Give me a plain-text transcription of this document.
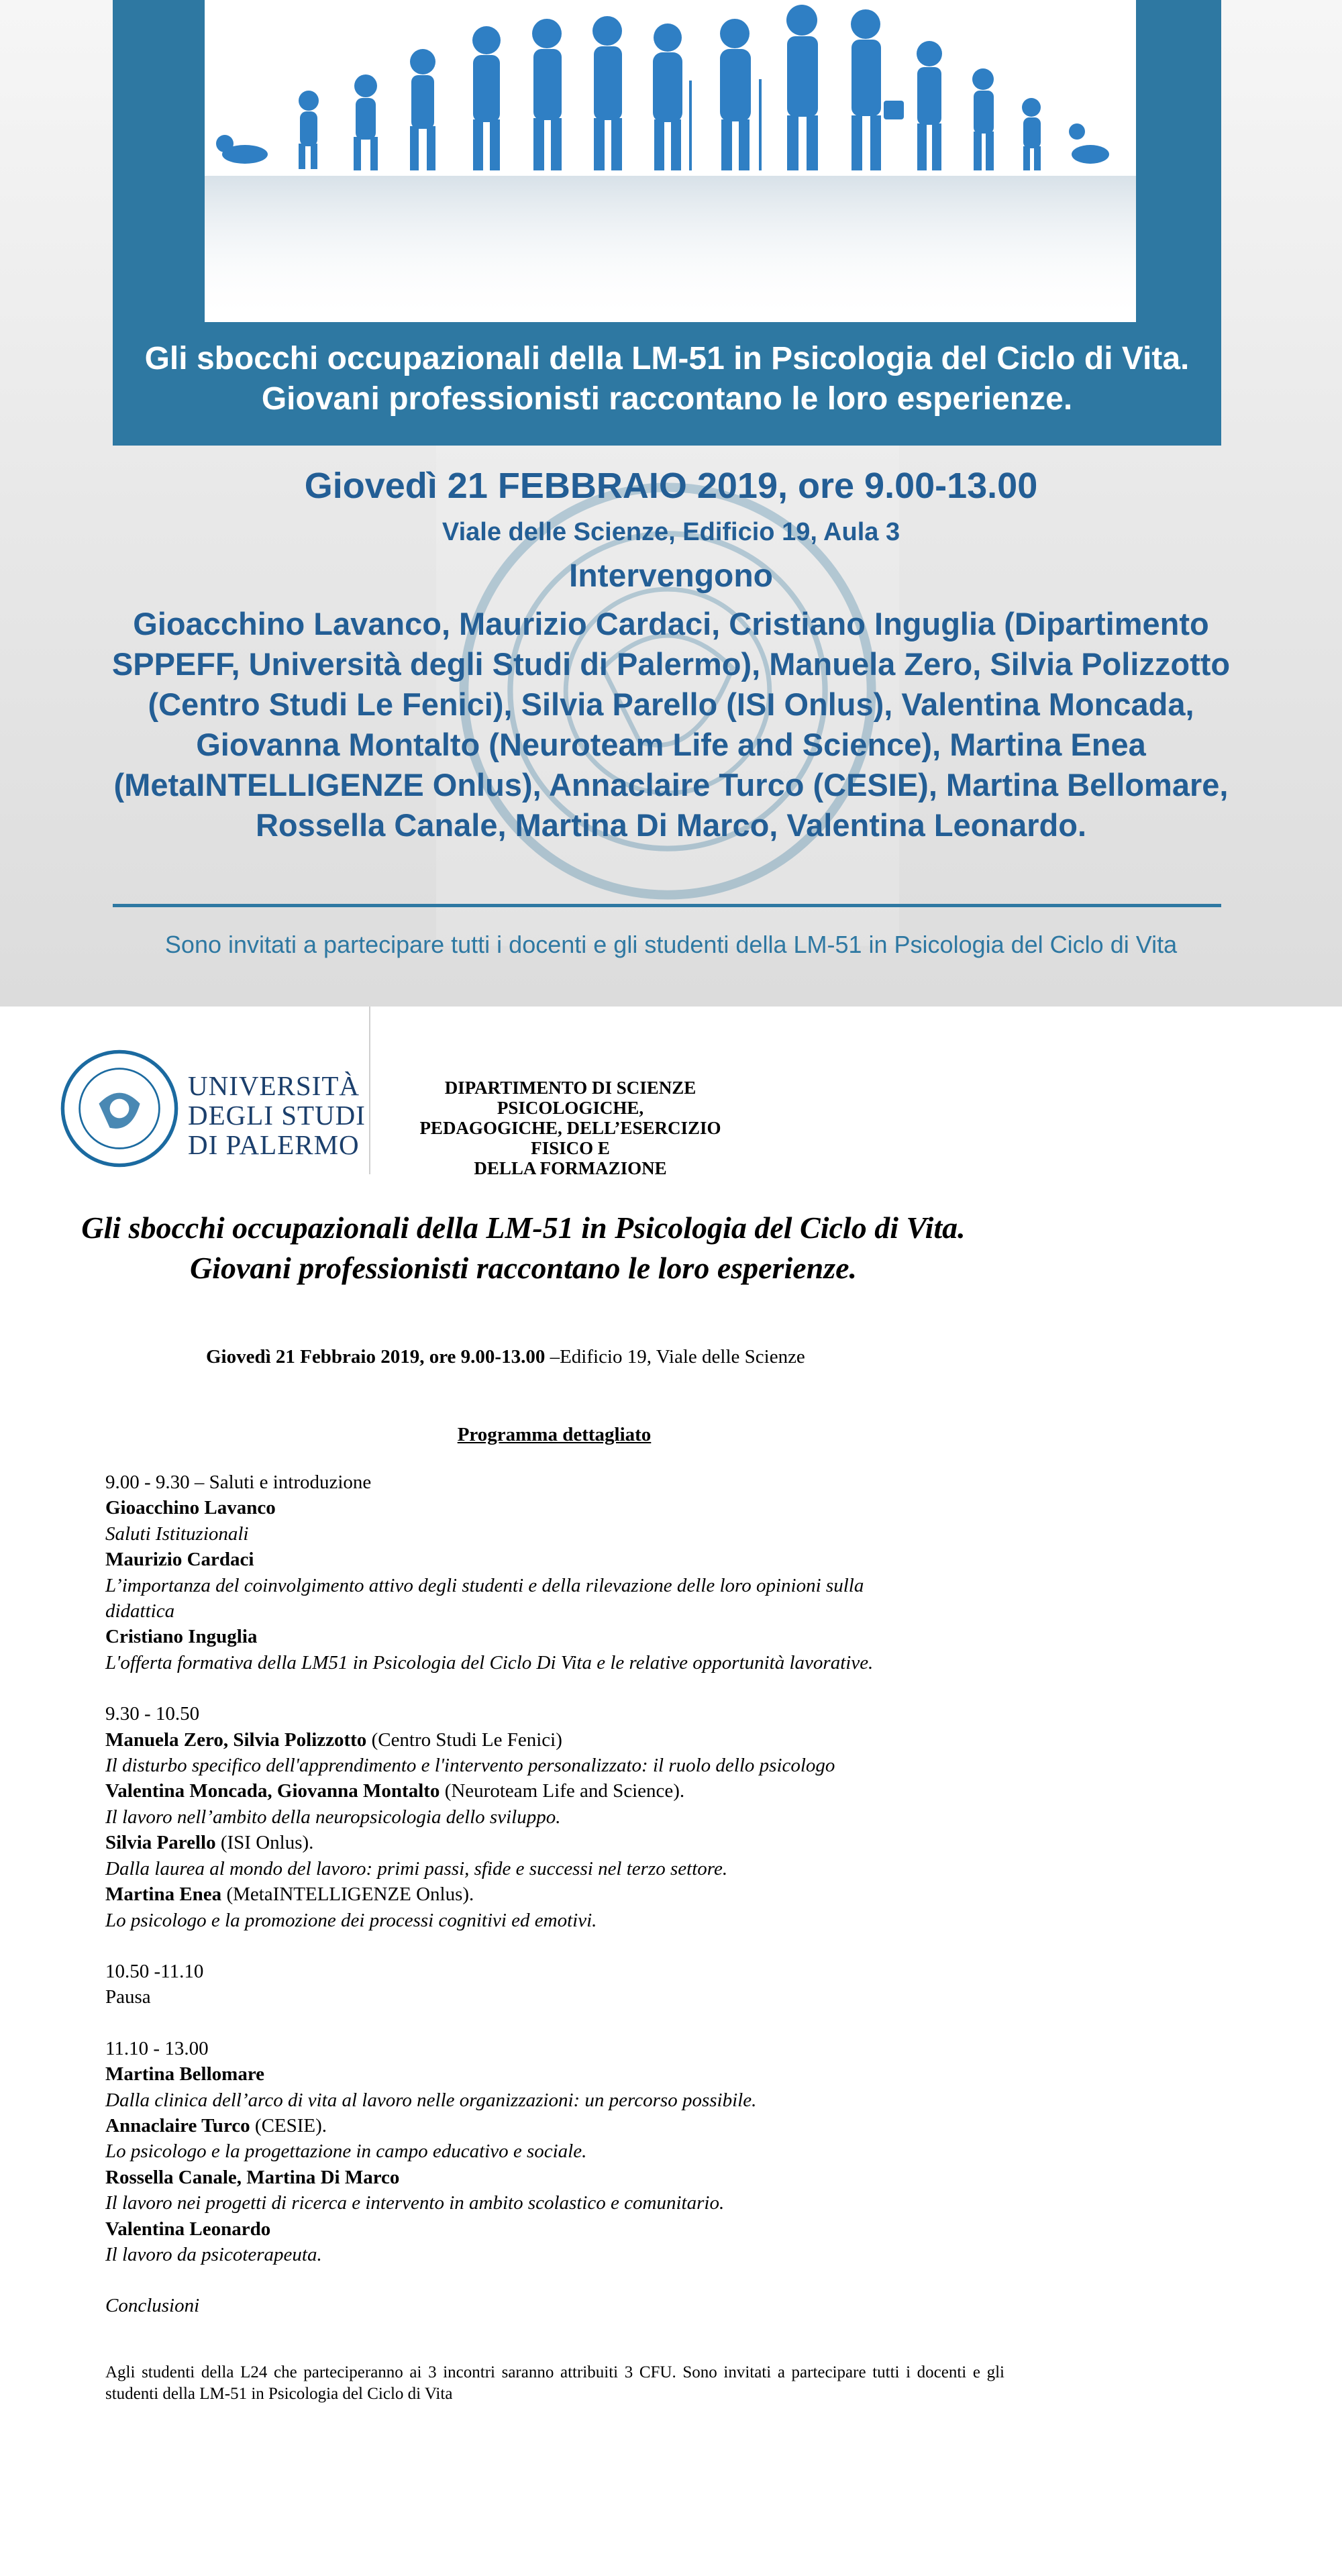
Gli sbocchi occupazionali della LM-51 in Psicologia del Ciclo di Vita. Giovani professionisti raccontano le loro esperienze.
Giovedì 21 FEBBRAIO 2019, ore 9.00-13.00
Viale delle Scienze, Edificio 19, Aula 3
Intervengono
Gioacchino Lavanco, Maurizio Cardaci, Cristiano Inguglia (Dipartimento SPPEFF, Università degli Studi di Palermo), Manuela Zero, Silvia Polizzotto (Centro Studi Le Fenici), Silvia Parello (ISI Onlus), Valentina Moncada, Giovanna Montalto (Neuroteam Life and Science), Martina Enea (MetaINTELLIGENZE Onlus), Annaclaire Turco (CESIE), Martina Bellomare, Rossella Canale, Martina Di Marco, Valentina Leonardo.
Sono invitati a partecipare tutti i docenti e gli studenti della LM-51 in Psicologia del Ciclo di Vita
UNIVERSITÀ
DEGLI STUDI
DI PALERMO
DIPARTIMENTO DI SCIENZE PSICOLOGICHE,
PEDAGOGICHE, DELL’ESERCIZIO FISICO E
DELLA FORMAZIONE
Gli sbocchi occupazionali della LM-51 in Psicologia del Ciclo di Vita. Giovani professionisti raccontano le loro esperienze.
Giovedì 21 Febbraio 2019, ore 9.00-13.00 –Edificio 19, Viale delle Scienze
Programma dettagliato
9.00 - 9.30 – Saluti e introduzione
Gioacchino Lavanco
Saluti Istituzionali
Maurizio Cardaci
L’importanza del coinvolgimento attivo degli studenti e della rilevazione delle loro opinioni sulla
didattica
Cristiano Inguglia
L'offerta formativa della LM51 in Psicologia del Ciclo Di Vita e le relative opportunità lavorative.
9.30 - 10.50
Manuela Zero, Silvia Polizzotto (Centro Studi Le Fenici)
Il disturbo specifico dell'apprendimento e l'intervento personalizzato: il ruolo dello psicologo
Valentina Moncada, Giovanna Montalto (Neuroteam Life and Science).
Il lavoro nell’ambito della neuropsicologia dello sviluppo.
Silvia Parello (ISI Onlus).
Dalla laurea al mondo del lavoro: primi passi, sfide e successi nel terzo settore.
Martina Enea (MetaINTELLIGENZE Onlus).
Lo psicologo e la promozione dei processi cognitivi ed emotivi.
10.50 -11.10
Pausa
11.10 - 13.00
Martina Bellomare
Dalla clinica dell’arco di vita al lavoro nelle organizzazioni: un percorso possibile.
Annaclaire Turco (CESIE).
Lo psicologo e la progettazione in campo educativo e sociale.
Rossella Canale, Martina Di Marco
Il lavoro nei progetti di ricerca e intervento in ambito scolastico e comunitario.
Valentina Leonardo
Il lavoro da psicoterapeuta.
Conclusioni
Agli studenti della L24 che parteciperanno ai 3 incontri saranno attribuiti 3 CFU. Sono invitati a partecipare tutti i docenti e gli studenti della LM-51 in Psicologia del Ciclo di Vita
